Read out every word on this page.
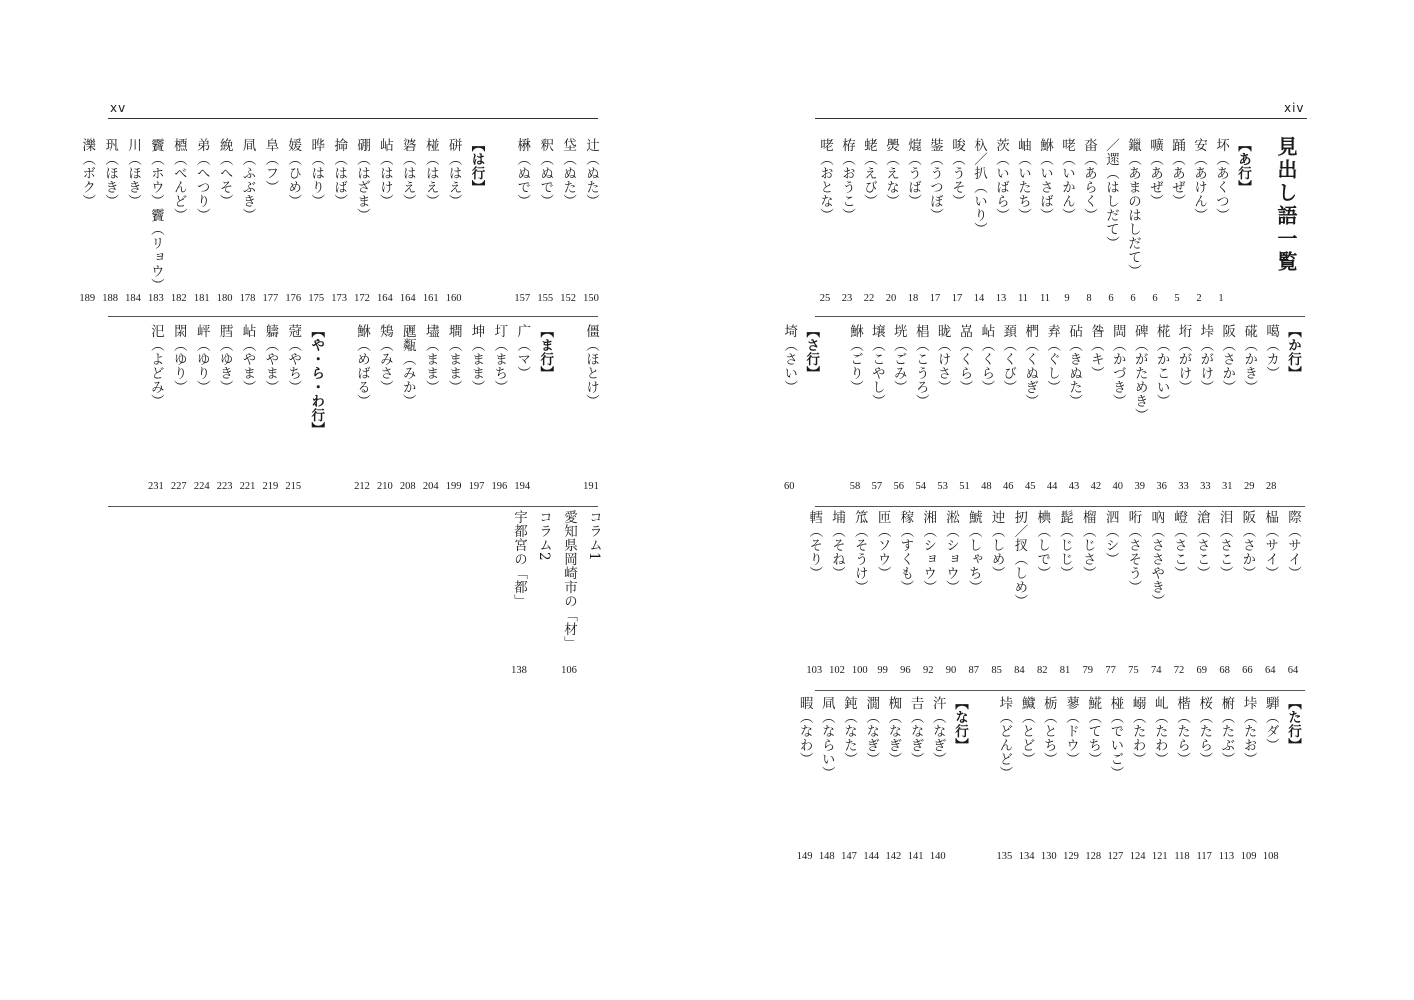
xv
辻（ぬた）
150
垈（ぬた）
152
釈（ぬで）
155
楙（ぬで）
157
【は行】
硑（はえ）
160
椪（はえ）
161
碆（はえ）
164
岾（はけ）
164
硼（はざま）
172
掵（はば）
173
晔（はり）
175
媛（ひめ）
176
阜（フ）
177
凬（ふぶき）
178
絻（へそ）
180
弟（へつり）
181
槱（べんど）
182
靌（ホウ）靌（リョウ）
183
川（ほき）
184
㺬（ほき）
188
濼（ボク）
189
僵（ほとけ）
191
【ま行】
广（マ）
194
圢（まち）
196
坤（まま）
197
墹（まま）
199
壗（まま）
204
甅甐（みか）
208
鴩（みさ）
210
鮴（めばる）
212
【や・ら・わ行】
蒄（やち）
215
軇（やま）
219
岾（やま）
221
膤（ゆき）
223
岼（ゆり）
224
閖（ゆり）
227
汜（よどみ）
231
コラム1
愛知県岡崎市の「材」
106
コラム2
宇都宮の「都」
138
xiv
見出し語一覧
【あ行】
坏（あくつ）
1
安（あけん）
2
踊（あぜ）
5
嚝（あぜ）
6
鑞（あまのはしだて）
6
／遝（はしだて）
6
畓（あらく）
8
咾（いかん）
9
鮴（いさば）
11
岫（いたち）
11
茨（いばら）
13
杁／扒（いり）
14
唆（うそ）
17
銺（うつぼ）
17
熴（うば）
18
爂（えな）
20
蛯（えび）
22
栫（おうこ）
23
咾（おとな）
25
【か行】
噶（カ）
28
硴（かき）
29
阪（さか）
31
垰（がけ）
33
垳（がけ）
33
椛（かこい）
36
碑（がためき）
39
閊（かづき）
40
昝（キ）
42
砧（きぬた）
43
弆（ぐし）
44
椚（くぬぎ）
45
頚（くび）
46
岾（くら）
48
嵓（くら）
51
昽（けさ）
53
椙（こうろ）
54
垙（ごみ）
56
壌（こやし）
57
鮴（ごり）
58
【さ行】
埼（さい）
60
際（サイ）
64
榀（サイ）
64
阪（さか）
66
泪（さこ）
68
滄（さこ）
69
嶝（さこ）
72
吶（ささやき）
74
哘（さそう）
75
泗（シ）
77
榴（じさ）
79
髭（じじ）
81
椣（しで）
82
扨／扠（しめ）
84
迚（しめ）
85
鯱（しゃち）
87
淞（ショウ）
90
湘（ショウ）
92
稼（すくも）
96
匝（ソウ）
99
笟（そうけ）
100
埔（そね）
102
轌（そり）
103
【た行】
騨（ダ）
108
垰（たお）
109
椨（たぶ）
113
桜（たら）
117
楷（たら）
118
乢（たわ）
121
嵶（たわ）
124
椪（でいご）
127
𩸽（てち）
128
蓼（ドウ）
129
栃（とち）
130
鱵（とど）
134
垰（どんど）
135
【な行】
汻（なぎ）
140
𠮷（なぎ）
141
椥（なぎ）
142
㵎（なぎ）
144
鈍（なた）
147
凬（ならい）
148
暇（なわ）
149
